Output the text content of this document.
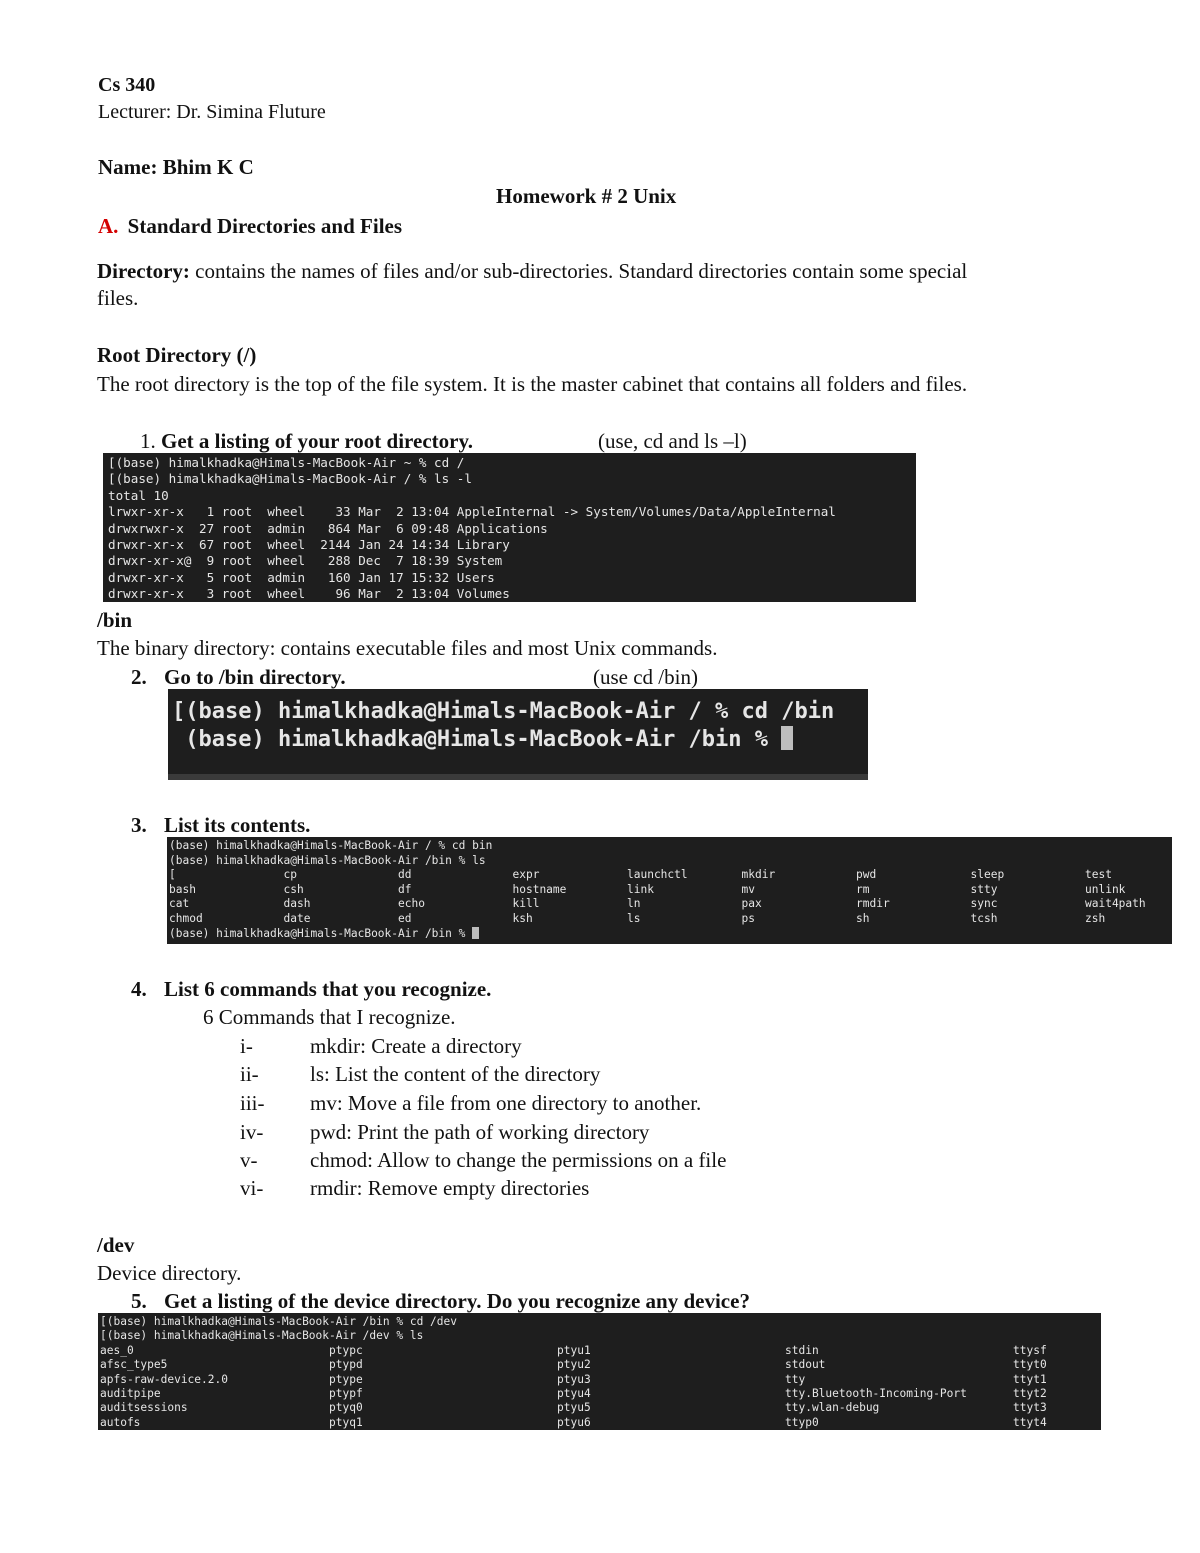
Cs 340
Lecturer: Dr. Simina Fluture
Name: Bhim K C
Homework # 2 Unix
A. Standard Directories and Files
Directory: contains the names of files and/or sub-directories. Standard directories contain some special
files.
Root Directory (/)
The root directory is the top of the file system. It is the master cabinet that contains all folders and files.
1. Get a listing of your root directory.	(use, cd and ls –l)
[(base) himalkhadka@Himals-MacBook-Air ~ % cd /
[(base) himalkhadka@Himals-MacBook-Air / % ls -l
total 10
lrwxr-xr-x   1 root  wheel    33 Mar  2 13:04 AppleInternal -> System/Volumes/Data/AppleInternal
drwxrwxr-x  27 root  admin   864 Mar  6 09:48 Applications
drwxr-xr-x  67 root  wheel  2144 Jan 24 14:34 Library
drwxr-xr-x@  9 root  wheel   288 Dec  7 18:39 System
drwxr-xr-x   5 root  admin   160 Jan 17 15:32 Users
drwxr-xr-x   3 root  wheel    96 Mar  2 13:04 Volumes
/bin
The binary directory: contains executable files and most Unix commands.
2. Go to /bin directory.	(use cd /bin)
[(base) himalkhadka@Himals-MacBook-Air / % cd /bin
(base) himalkhadka@Himals-MacBook-Air /bin %
3. List its contents.
(base) himalkhadka@Himals-MacBook-Air / % cd bin
(base) himalkhadka@Himals-MacBook-Air /bin % ls
[	cp	dd	expr	launchctl	mkdir	pwd	sleep	test
bash	csh	df	hostname	link	mv	rm	stty	unlink
cat	dash	echo	kill	ln	pax	rmdir	sync	wait4path
chmod	date	ed	ksh	ls	ps	sh	tcsh	zsh
(base) himalkhadka@Himals-MacBook-Air /bin %
4. List 6 commands that you recognize.
6 Commands that I recognize.
i-	mkdir: Create a directory
ii- ls: List the content of the directory
iii- mv: Move a file from one directory to another.
iv- pwd: Print the path of working directory
v-	chmod: Allow to change the permissions on a file
vi- rmdir: Remove empty directories
/dev
Device directory.
5. Get a listing of the device directory. Do you recognize any device?
[(base) himalkhadka@Himals-MacBook-Air /bin % cd /dev
[(base) himalkhadka@Himals-MacBook-Air /dev % ls
aes_0	ptypc	ptyu1	stdin	ttysf
afsc_type5	ptypd	ptyu2	stdout	ttyt0
apfs-raw-device.2.0	ptype	ptyu3	tty	ttyt1
auditpipe	ptypf	ptyu4	tty.Bluetooth-Incoming-Port	ttyt2
auditsessions	ptyq0	ptyu5	tty.wlan-debug	ttyt3
autofs	ptyq1	ptyu6	ttyp0	ttyt4
